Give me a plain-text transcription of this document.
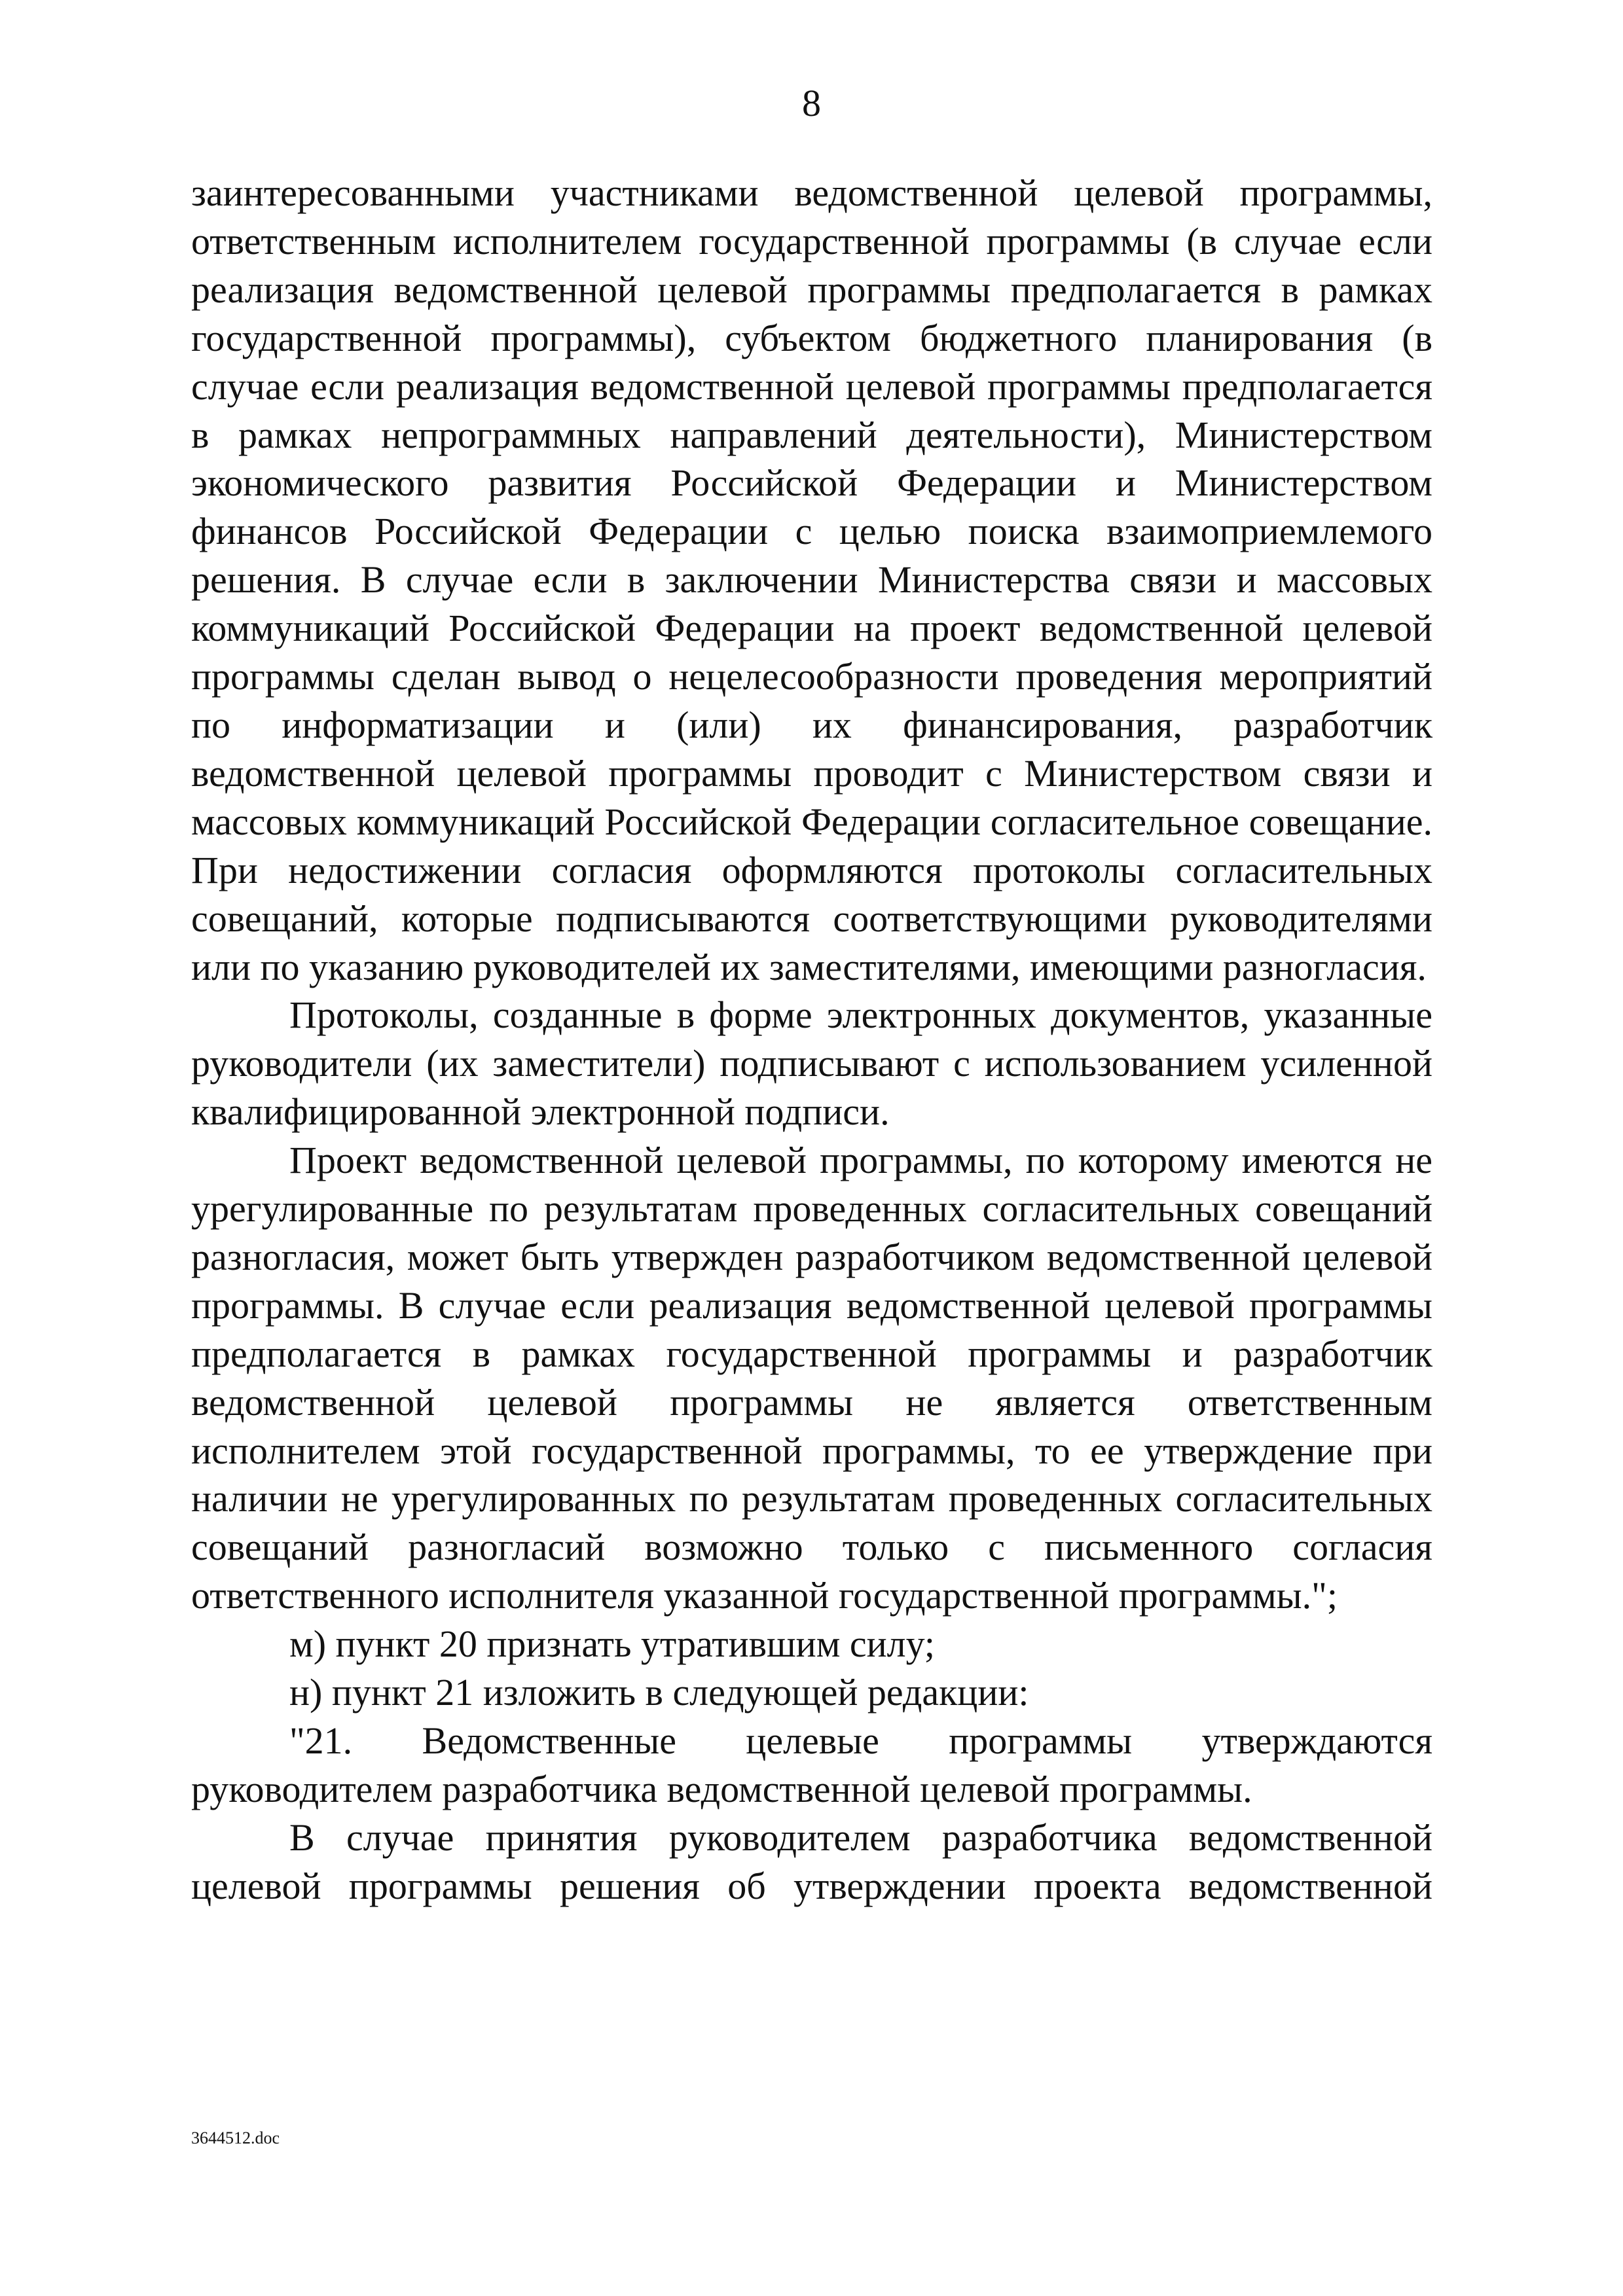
8

заинтересованными участниками ведомственной целевой программы, ответственным исполнителем государственной программы (в случае если реализация ведомственной целевой программы предполагается в рамках государственной программы), субъектом бюджетного планирования (в случае если реализация ведомственной целевой программы предполагается в рамках непрограммных направлений деятельности), Министерством экономического развития Российской Федерации и Министерством финансов Российской Федерации с целью поиска взаимоприемлемого решения. В случае если в заключении Министерства связи и массовых коммуникаций Российской Федерации на проект ведомственной целевой программы сделан вывод о нецелесообразности проведения мероприятий по информатизации и (или) их финансирования, разработчик ведомственной целевой программы проводит с Министерством связи и массовых коммуникаций Российской Федерации согласительное совещание. При недостижении согласия оформляются протоколы согласительных совещаний, которые подписываются соответствующими руководителями или по указанию руководителей их заместителями, имеющими разногласия.

Протоколы, созданные в форме электронных документов, указанные руководители (их заместители) подписывают с использованием усиленной квалифицированной электронной подписи.

Проект ведомственной целевой программы, по которому имеются не урегулированные по результатам проведенных согласительных совещаний разногласия, может быть утвержден разработчиком ведомственной целевой программы. В случае если реализация ведомственной целевой программы предполагается в рамках государственной программы и разработчик ведомственной целевой программы не является ответственным исполнителем этой государственной программы, то ее утверждение при наличии не урегулированных по результатам проведенных согласительных совещаний разногласий возможно только с письменного согласия ответственного исполнителя указанной государственной программы.";

м) пункт 20 признать утратившим силу;

н) пункт 21 изложить в следующей редакции:

"21. Ведомственные целевые программы утверждаются руководителем разработчика ведомственной целевой программы.

В случае принятия руководителем разработчика ведомственной целевой программы решения об утверждении проекта ведомственной

3644512.doc
